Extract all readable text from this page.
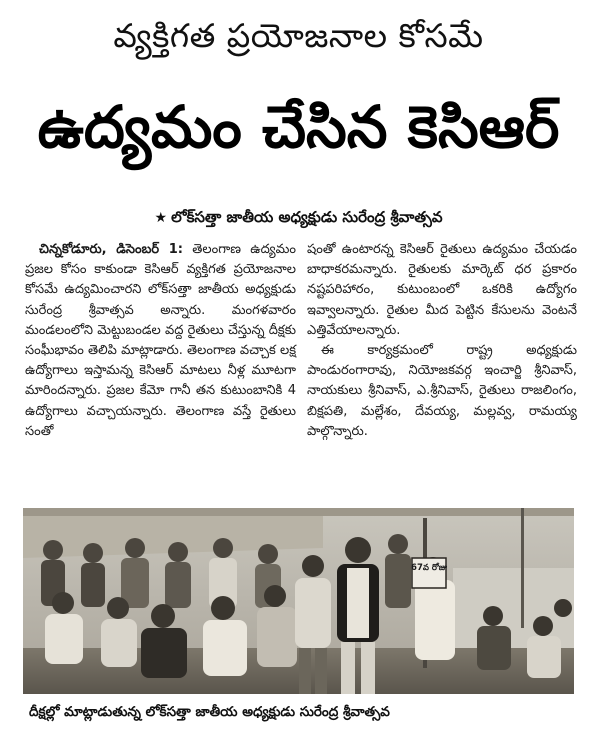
వ్యక్తిగత ప్రయోజనాల కోసమే
ఉద్యమం చేసిన కెసిఆర్
★ లోక్‌సత్తా జాతీయ అధ్యక్షుడు సురేంద్ర శ్రీవాత్సవ

చిన్నకోడూరు, డిసెంబర్ 1: తెలంగాణ ఉద్యమం ప్రజల కోసం కాకుండా కెసిఆర్ వ్యక్తిగత ప్రయోజనాల కోసమే ఉద్యమించారని లోక్‌సత్తా జాతీయ అధ్యక్షుడు సురేంద్ర శ్రీవాత్సవ అన్నారు. మంగళవారం మండలంలోని మెట్టుబండల వద్ద రైతులు చేస్తున్న దీక్షకు సంఘీభావం తెలిపి మాట్లాడారు. తెలంగాణ వచ్చాక లక్ష ఉద్యోగాలు ఇస్తామన్న కెసిఆర్ మాటలు నీళ్ల మూటగా మారిందన్నారు. ప్రజల కేమో గానీ తన కుటుంబానికి 4 ఉద్యోగాలు వచ్చాయన్నారు. తెలంగాణ వస్తే రైతులు సంతో

షంతో ఉంటారన్న కెసిఆర్ రైతులు ఉద్యమం చేయడం బాధాకరమన్నారు. రైతులకు మార్కెట్ ధర ప్రకారం నష్టపరిహారం, కుటుంబంలో ఒకరికి ఉద్యోగం ఇవ్వాలన్నారు. రైతుల మీద పెట్టిన కేసులను వెంటనే ఎత్తివేయాలన్నారు.

ఈ కార్యక్రమంలో రాష్ట్ర అధ్యక్షుడు పాండురంగారావు, నియోజకవర్గ ఇంచార్జి శ్రీనివాస్, నాయకులు శ్రీనివాస్, ఎ.శ్రీనివాస్, రైతులు రాజలింగం, బిక్షపతి, మల్లేశం, దేవయ్య, మల్లవ్వ, రామయ్య పాల్గొన్నారు.

67వ రోజు
దీక్షల్లో మాట్లాడుతున్న లోక్‌సత్తా జాతీయ అధ్యక్షుడు సురేంద్ర శ్రీవాత్సవ
